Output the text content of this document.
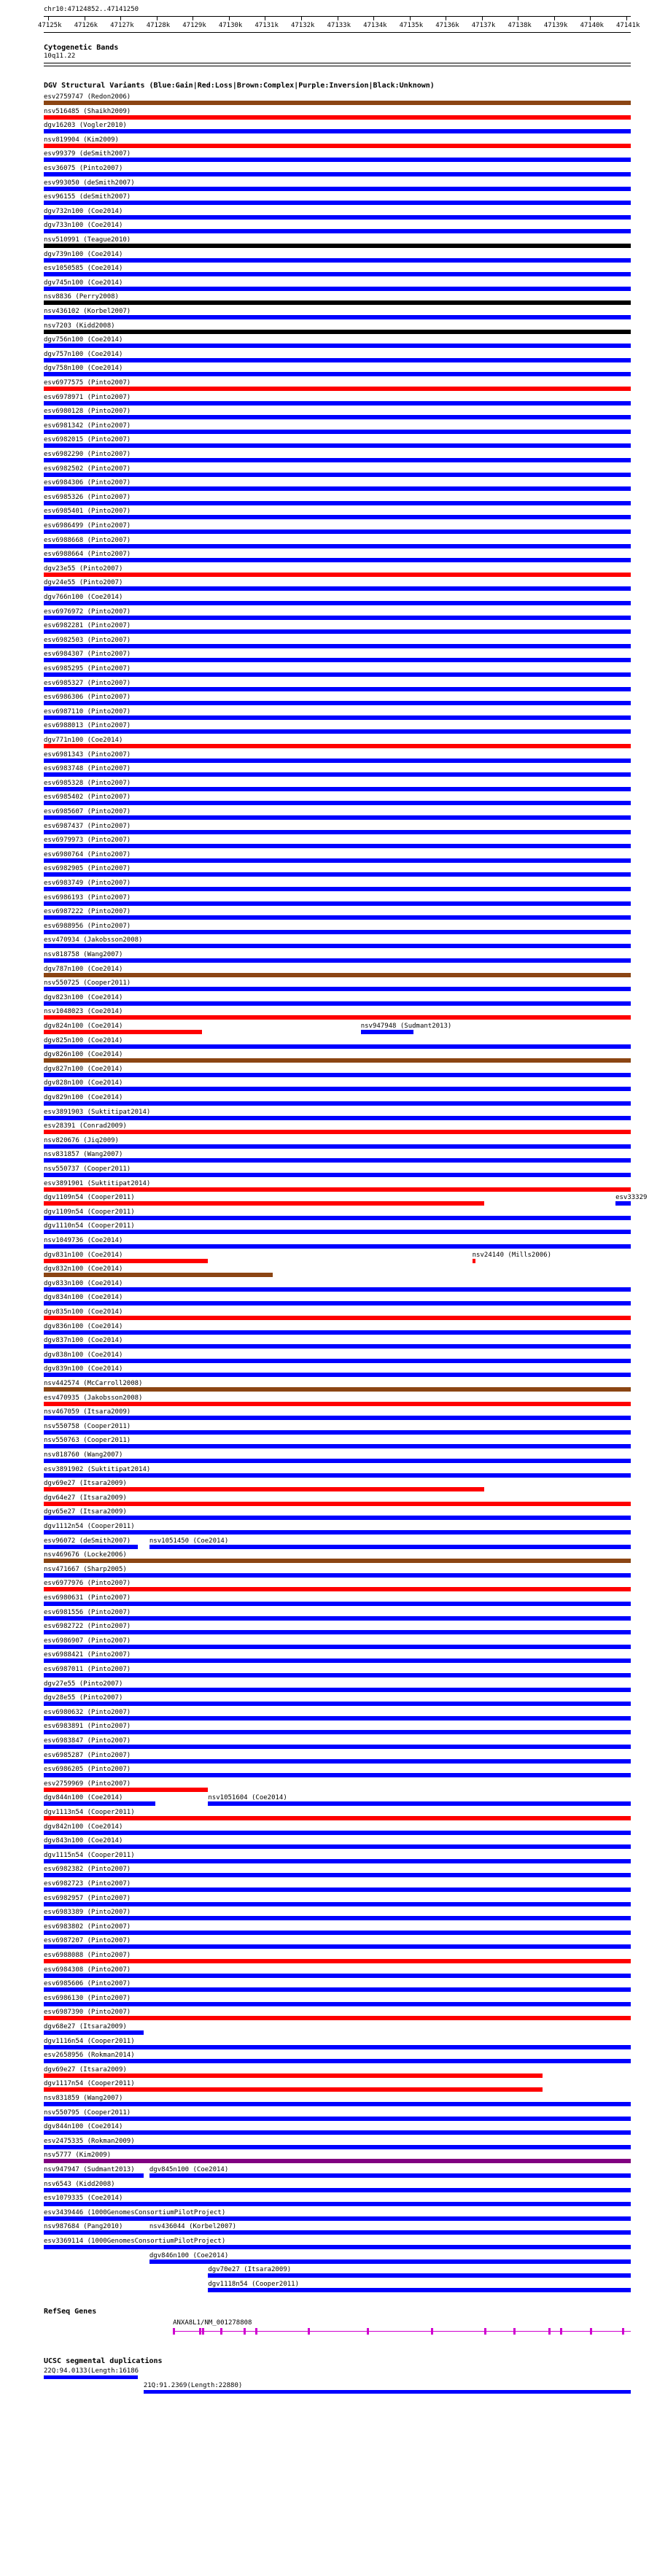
chr10:47124852..47141250
47125k 47126k 47127k 47128k 47129k 47130k 47131k 47132k 47133k 47134k 47135k 47136k 47137k 47138k 47139k 47140k 47141k
Cytogenetic Bands
10q11.22
DGV Structural Variants (Blue:Gain|Red:Loss|Brown:Complex|Purple:Inversion|Black:Unknown)
esv2759747 (Redon2006)
nsv516485 (Shaikh2009)
dgv16203 (Vogler2010)
nsv819904 (Kim2009)
esv99379 (deSmith2007)
esv36075 (Pinto2007)
esv993050 (deSmith2007)
esv96155 (deSmith2007)
dgv732n100 (Coe2014)
dgv733n100 (Coe2014)
nsv510991 (Teague2010)
dgv739n100 (Coe2014)
esv1050585 (Coe2014)
dgv745n100 (Coe2014)
nsv8836 (Perry2008)
nsv436102 (Korbel2007)
nsv7203 (Kidd2008)
dgv756n100 (Coe2014)
dgv757n100 (Coe2014)
dgv758n100 (Coe2014)
esv6977575 (Pinto2007)
esv6978971 (Pinto2007)
esv6980128 (Pinto2007)
esv6981342 (Pinto2007)
esv6982015 (Pinto2007)
esv6982290 (Pinto2007)
esv6982502 (Pinto2007)
esv6984306 (Pinto2007)
esv6985326 (Pinto2007)
esv6985401 (Pinto2007)
esv6986499 (Pinto2007)
esv6988668 (Pinto2007)
esv6988664 (Pinto2007)
dgv23e55 (Pinto2007)
dgv24e55 (Pinto2007)
dgv766n100 (Coe2014)
esv6976972 (Pinto2007)
esv6982281 (Pinto2007)
esv6982503 (Pinto2007)
esv6984307 (Pinto2007)
esv6985295 (Pinto2007)
esv6985327 (Pinto2007)
esv6986306 (Pinto2007)
esv6987110 (Pinto2007)
esv6988013 (Pinto2007)
dgv771n100 (Coe2014)
esv6981343 (Pinto2007)
esv6983748 (Pinto2007)
esv6985328 (Pinto2007)
esv6985402 (Pinto2007)
esv6985607 (Pinto2007)
esv6987437 (Pinto2007)
esv6979973 (Pinto2007)
esv6980764 (Pinto2007)
esv6982905 (Pinto2007)
esv6983749 (Pinto2007)
esv6986193 (Pinto2007)
esv6987222 (Pinto2007)
esv6988956 (Pinto2007)
esv470934 (Jakobsson2008)
nsv818758 (Wang2007)
dgv787n100 (Coe2014)
nsv550725 (Cooper2011)
dgv823n100 (Coe2014)
nsv1048023 (Coe2014)
dgv824n100 (Coe2014)	nsv947948 (Sudmant2013)
dgv825n100 (Coe2014)
dgv826n100 (Coe2014)
dgv827n100 (Coe2014)
dgv828n100 (Coe2014)
dgv829n100 (Coe2014)
esv3891903 (Suktitipat2014)
esv28391 (Conrad2009)
nsv820676 (Jiq2009)
nsv831857 (Wang2007)
nsv550737 (Cooper2011)
esv3891901 (Suktitipat2014)
dgv1109n54 (Cooper2011)	esv33329
dgv1109n54 (Cooper2011)
dgv1110n54 (Cooper2011)
nsv1049736 (Coe2014)
dgv831n100 (Coe2014)	nsv24140 (Mills2006)
dgv832n100 (Coe2014)
dgv833n100 (Coe2014)
dgv834n100 (Coe2014)
dgv835n100 (Coe2014)
dgv836n100 (Coe2014)
dgv837n100 (Coe2014)
dgv838n100 (Coe2014)
dgv839n100 (Coe2014)
nsv442574 (McCarroll2008)
esv470935 (Jakobsson2008)
nsv467059 (Itsara2009)
nsv550758 (Cooper2011)
nsv550763 (Cooper2011)
nsv818760 (Wang2007)
esv3891902 (Suktitipat2014)
dgv69e27 (Itsara2009)
dgv64e27 (Itsara2009)
dgv65e27 (Itsara2009)
dgv1112n54 (Cooper2011)
esv96072 (deSmith2007)	nsv1051450 (Coe2014)
nsv469676 (Locke2006)
nsv471667 (Sharp2005)
esv6977976 (Pinto2007)
esv6980631 (Pinto2007)
esv6981556 (Pinto2007)
esv6982722 (Pinto2007)
esv6986907 (Pinto2007)
esv6988421 (Pinto2007)
esv6987011 (Pinto2007)
dgv27e55 (Pinto2007)
dgv28e55 (Pinto2007)
esv6980632 (Pinto2007)
esv6983891 (Pinto2007)
esv6983847 (Pinto2007)
esv6985287 (Pinto2007)
esv6986205 (Pinto2007)
esv2759969 (Pinto2007)
dgv844n100 (Coe2014)	nsv1051604 (Coe2014)
dgv1113n54 (Cooper2011)
dgv842n100 (Coe2014)
dgv843n100 (Coe2014)
dgv1115n54 (Cooper2011)
esv6982382 (Pinto2007)
esv6982723 (Pinto2007)
esv6982957 (Pinto2007)
esv6983389 (Pinto2007)
esv6983802 (Pinto2007)
esv6987207 (Pinto2007)
esv6988088 (Pinto2007)
esv6984308 (Pinto2007)
esv6985606 (Pinto2007)
esv6986130 (Pinto2007)
esv6987390 (Pinto2007)
dgv68e27 (Itsara2009)
dgv1116n54 (Cooper2011)
esv2658956 (Rokman2014)
dgv69e27 (Itsara2009)
dgv1117n54 (Cooper2011)
nsv831859 (Wang2007)
nsv550795 (Cooper2011)
dgv844n100 (Coe2014)
esv2475335 (Rokman2009)
nsv5777 (Kim2009)
nsv947947 (Sudmant2013) dgv845n100 (Coe2014)
nsv6543 (Kidd2008)
esv1079335 (Coe2014)
esv3439446 (1000GenomesConsortiumPilotProject)
nsv987684 (Pang2010)	nsv436044 (Korbel2007)
esv3369114 (1000GenomesConsortiumPilotProject)
dgv846n100 (Coe2014)
dgv70e27 (Itsara2009)
dgv1118n54 (Cooper2011)
RefSeq Genes
ANXA8L1/NM_001278808
UCSC segmental duplications
22Q:94.0133(Length:16186
21Q:91.2369(Length:22880)
